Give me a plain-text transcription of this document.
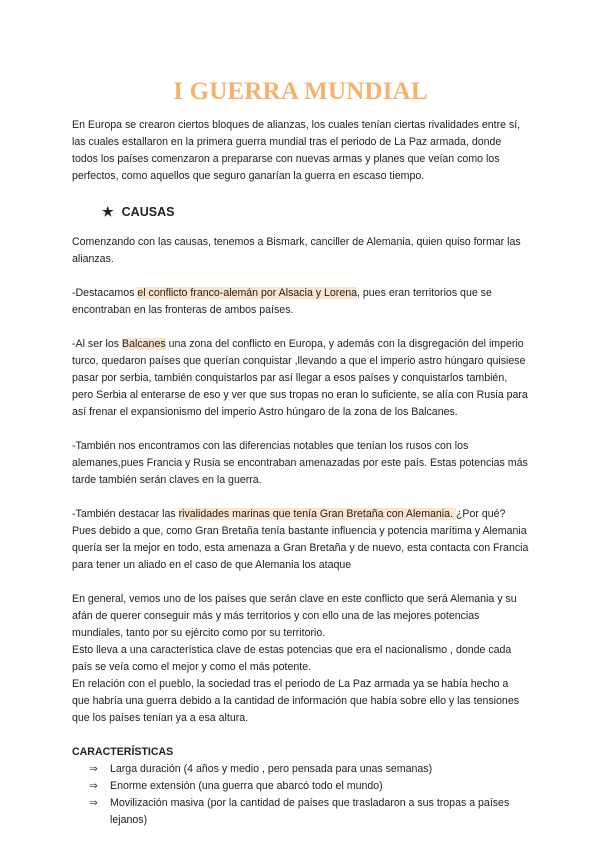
I GUERRA MUNDIAL

En Europa se crearon ciertos bloques de alianzas, los cuales tenían ciertas rivalidades entre sí, las cuales estallaron en la primera guerra mundial tras el periodo de La Paz armada, donde todos los países comenzaron a prepararse con nuevas armas y planes que veían como los perfectos, como aquellos que seguro ganarían la guerra en escaso tiempo.

★ CAUSAS

Comenzando con las causas, tenemos a Bismark, canciller de Alemania, quien quiso formar las alianzas.

-Destacamos el conflicto franco-alemán por Alsacia y Lorena, pues eran territorios que se encontraban en las fronteras de ambos países.

-Al ser los Balcanes una zona del conflicto en Europa, y además con la disgregación del imperio turco, quedaron países que querían conquistar ,llevando a que el imperio astro húngaro quisiese pasar por serbia, también conquistarlos par así llegar a esos países y conquistarlos también, pero Serbia al enterarse de eso y ver que sus tropas no eran lo suficiente, se alía con Rusia para así frenar el expansionismo del imperio Astro húngaro de la zona de los Balcanes.

-También nos encontramos con las diferencias notables que tenían los rusos con los alemanes,pues Francia y Rusia se encontraban amenazadas por este país. Estas potencias más tarde también serán claves en la guerra.

-También destacar las rivalidades marinas que tenía Gran Bretaña con Alemania. ¿Por qué?Pues debido a que, como Gran Bretaña tenía bastante influencia y potencia marítima y Alemania quería ser la mejor en todo, esta amenaza a Gran Bretaña y de nuevo, esta contacta con Francia para tener un aliado en el caso de que Alemania los ataque

En general, vemos uno de los países que serán clave en este conflicto que será Alemania y su afán de querer conseguir más y más territorios y con ello una de las mejores potencias mundiales, tanto por su ejército como por su territorio.

Esto lleva a una característica clave de estas potencias que era el nacionalismo , donde cada país se veía como el mejor y como el más potente.

En relación con el pueblo, la sociedad tras el periodo de La Paz armada ya se había hecho a que habría una guerra debido a la cantidad de información que había sobre ello y las tensiones que los países tenían ya a esa altura.

CARACTERÍSTICAS
⇒	Larga duración (4 años y medio , pero pensada para unas semanas)
⇒	Enorme extensión (una guerra que abarcó todo el mundo)
⇒	Movilización masiva (por la cantidad de países que trasladaron a sus tropas a países lejanos)
